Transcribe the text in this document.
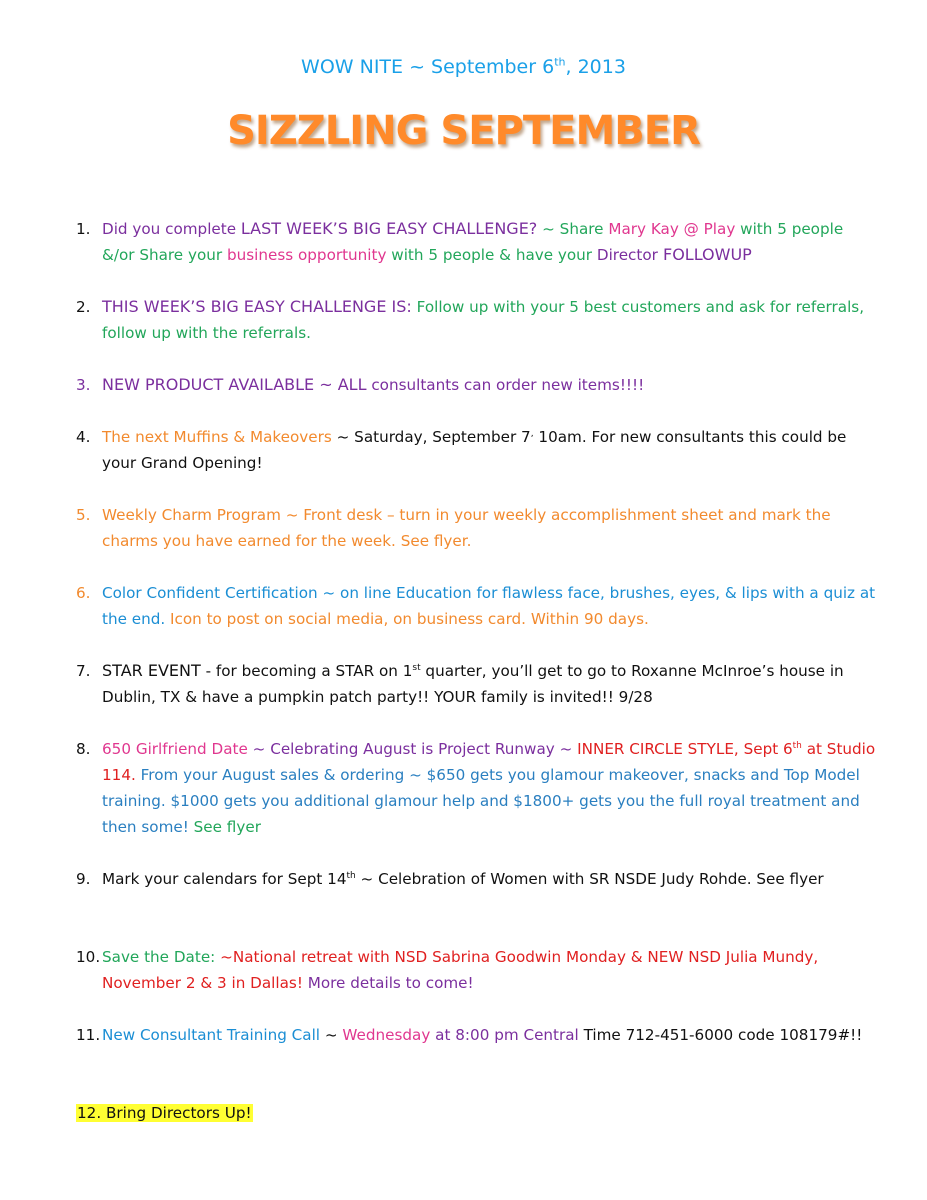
WOW NITE ~ September 6th, 2013
SIZZLING SEPTEMBER
1. Did you complete LAST WEEK’S BIG EASY CHALLENGE? ~ Share Mary Kay @ Play with 5 people &/or Share your business opportunity with 5 people & have your Director FOLLOWUP
2. THIS WEEK’S BIG EASY CHALLENGE IS: Follow up with your 5 best customers and ask for referrals, follow up with the referrals.
3. NEW PRODUCT AVAILABLE ~ ALL consultants can order new items!!!!
4. The next Muffins & Makeovers ~ Saturday, September 7, 10am. For new consultants this could be your Grand Opening!
5. Weekly Charm Program ~ Front desk – turn in your weekly accomplishment sheet and mark the charms you have earned for the week. See flyer.
6. Color Confident Certification ~ on line Education for flawless face, brushes, eyes, & lips with a quiz at the end. Icon to post on social media, on business card. Within 90 days.
7. STAR EVENT - for becoming a STAR on 1st quarter, you’ll get to go to Roxanne McInroe’s house in Dublin, TX & have a pumpkin patch party!! YOUR family is invited!! 9/28
8. 650 Girlfriend Date ~ Celebrating August is Project Runway ~ INNER CIRCLE STYLE, Sept 6th at Studio 114. From your August sales & ordering ~ $650 gets you glamour makeover, snacks and Top Model training. $1000 gets you additional glamour help and $1800+ gets you the full royal treatment and then some! See flyer
9. Mark your calendars for Sept 14th ~ Celebration of Women with SR NSDE Judy Rohde. See flyer
10. Save the Date: ~National retreat with NSD Sabrina Goodwin Monday & NEW NSD Julia Mundy, November 2 & 3 in Dallas! More details to come!
11. New Consultant Training Call ~ Wednesday at 8:00 pm Central Time 712-451-6000 code 108179#!!
12. Bring Directors Up!
